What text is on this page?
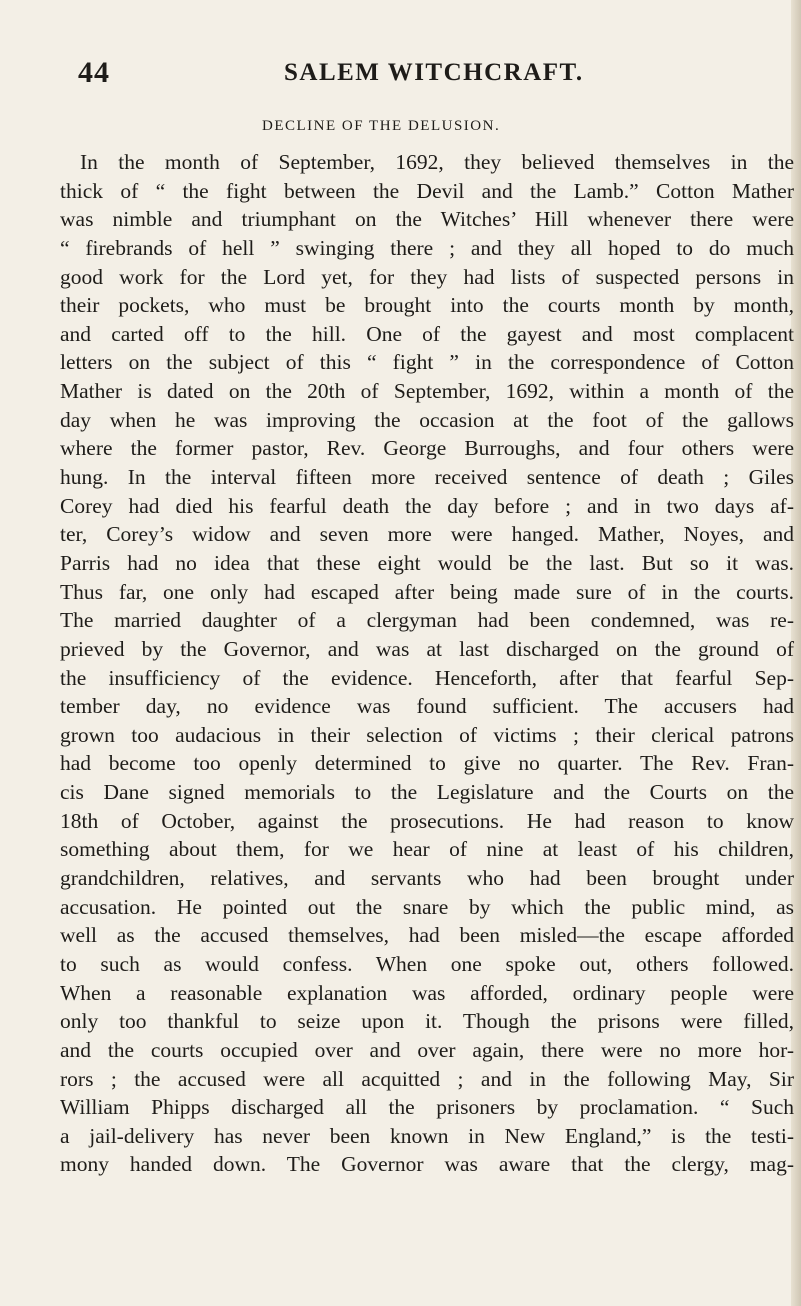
44	SALEM WITCHCRAFT.
DECLINE OF THE DELUSION.
In the month of September, 1692, they believed themselves in the
thick of “ the fight between the Devil and the Lamb.” Cotton Mather
was nimble and triumphant on the Witches’ Hill whenever there were
“ firebrands of hell ” swinging there ; and they all hoped to do much
good work for the Lord yet, for they had lists of suspected persons in
their pockets, who must be brought into the courts month by month,
and carted off to the hill. One of the gayest and most complacent
letters on the subject of this “ fight ” in the correspondence of Cotton
Mather is dated on the 20th of September, 1692, within a month of the
day when he was improving the occasion at the foot of the gallows
where the former pastor, Rev. George Burroughs, and four others were
hung. In the interval fifteen more received sentence of death ; Giles
Corey had died his fearful death the day before ; and in two days af-
ter, Corey’s widow and seven more were hanged. Mather, Noyes, and
Parris had no idea that these eight would be the last. But so it was.
Thus far, one only had escaped after being made sure of in the courts.
The married daughter of a clergyman had been condemned, was re-
prieved by the Governor, and was at last discharged on the ground of
the insufficiency of the evidence. Henceforth, after that fearful Sep-
tember day, no evidence was found sufficient. The accusers had
grown too audacious in their selection of victims ; their clerical patrons
had become too openly determined to give no quarter. The Rev. Fran-
cis Dane signed memorials to the Legislature and the Courts on the
18th of October, against the prosecutions. He had reason to know
something about them, for we hear of nine at least of his children,
grandchildren, relatives, and servants who had been brought under
accusation. He pointed out the snare by which the public mind, as
well as the accused themselves, had been misled—the escape afforded
to such as would confess. When one spoke out, others followed.
When a reasonable explanation was afforded, ordinary people were
only too thankful to seize upon it. Though the prisons were filled,
and the courts occupied over and over again, there were no more hor-
rors ; the accused were all acquitted ; and in the following May, Sir
William Phipps discharged all the prisoners by proclamation. “ Such
a jail-delivery has never been known in New England,” is the testi-
mony handed down. The Governor was aware that the clergy, mag-
